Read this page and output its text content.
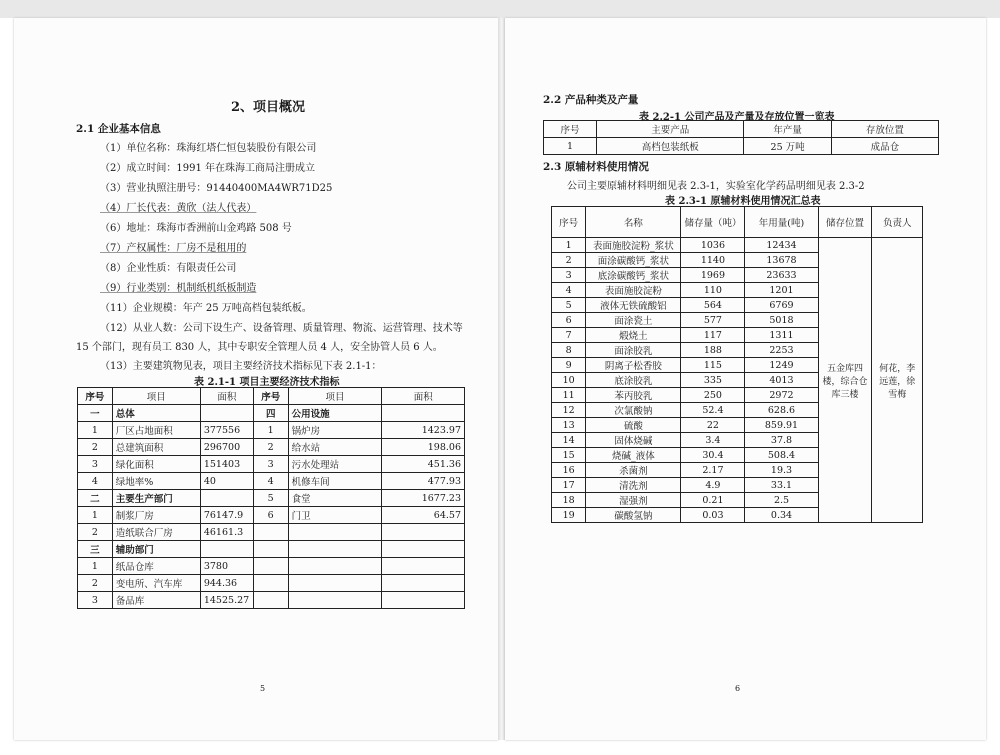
2、项目概况
2.1 企业基本信息
（1）单位名称：珠海红塔仁恒包装股份有限公司
（2）成立时间：1991 年在珠海工商局注册成立
（3）营业执照注册号：91440400MA4WR71D25
（4）厂长代表：黄欣（法人代表）
（6）地址：珠海市香洲前山金鸡路 508 号
（7）产权属性：厂房不是租用的
（8）企业性质：有限责任公司
（9）行业类别：机制纸机纸板制造
（11）企业规模：年产 25 万吨高档包装纸板。
（12）从业人数：公司下设生产、设备管理、质量管理、物流、运营管理、技术等
15 个部门，现有员工 830 人，其中专职安全管理人员 4 人，安全协管人员 6 人。
（13）主要建筑物见表，项目主要经济技术指标见下表 2.1-1：
表 2.1-1 项目主要经济技术指标
序号	项目	面积	序号	项目	面积
一	总体		四	公用设施	
1	厂区占地面积	377556	1	锅炉房	1423.97
2	总建筑面积	296700	2	给水站	198.06
3	绿化面积	151403	3	污水处理站	451.36
4	绿地率%	40	4	机修车间	477.93
二	主要生产部门		5	食堂	1677.23
1	制浆厂房	76147.9	6	门卫	64.57
2	造纸联合厂房	46161.3			
三	辅助部门				
1	纸品仓库	3780			
2	变电所、汽车库	944.36			
3	备品库	14525.27			
5
2.2 产品种类及产量
表 2.2-1 公司产品及产量及存放位置一览表
序号	主要产品	年产量	存放位置
1	高档包装纸板	25 万吨	成品仓
2.3 原辅材料使用情况
公司主要原辅材料明细见表 2.3-1，实验室化学药品明细见表 2.3-2
表 2.3-1 原辅材料使用情况汇总表
序号	名称	储存量（吨）	年用量(吨)	储存位置	负责人
1	表面施胶淀粉_浆状	1036	12434	五金库四楼，综合仓库三楼	何花，李远莲，徐雪梅
2	面涂碳酸钙_浆状	1140	13678		
3	底涂碳酸钙_浆状	1969	23633		
4	表面施胶淀粉	110	1201		
5	液体无铁硫酸铝	564	6769		
6	面涂瓷土	577	5018		
7	煅烧土	117	1311		
8	面涂胶乳	188	2253		
9	阴离子松香胶	115	1249		
10	底涂胶乳	335	4013		
11	苯丙胶乳	250	2972		
12	次氯酸钠	52.4	628.6		
13	硫酸	22	859.91		
14	固体烧碱	3.4	37.8		
15	烧碱_液体	30.4	508.4		
16	杀菌剂	2.17	19.3		
17	清洗剂	4.9	33.1		
18	湿强剂	0.21	2.5		
19	碳酸氢钠	0.03	0.34		
6
